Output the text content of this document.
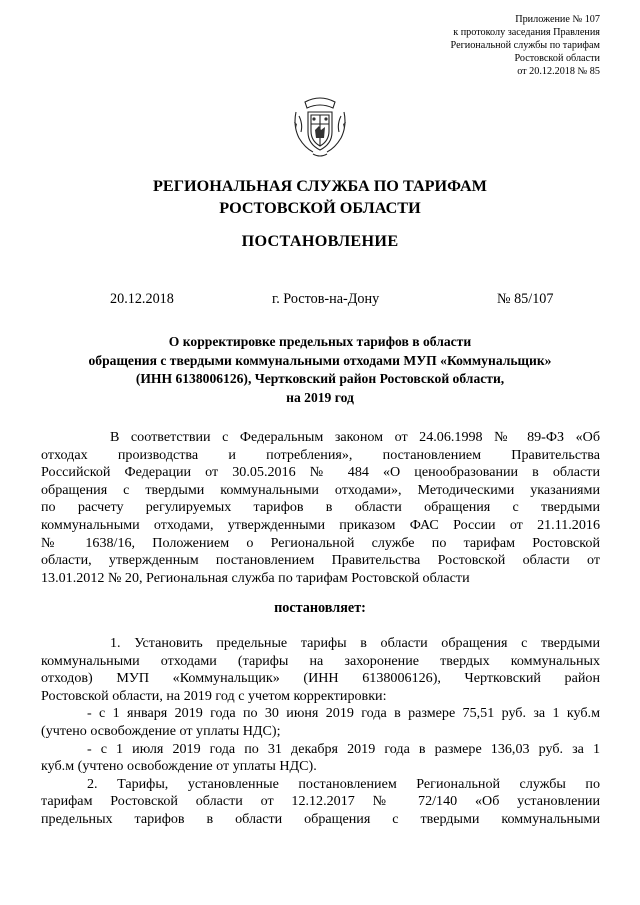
Приложение № 107
к протоколу заседания Правления
Региональной службы по тарифам
Ростовской области
от 20.12.2018 № 85
РЕГИОНАЛЬНАЯ СЛУЖБА ПО ТАРИФАМ
РОСТОВСКОЙ ОБЛАСТИ
ПОСТАНОВЛЕНИЕ
20.12.2018	г. Ростов-на-Дону	№ 85/107
О корректировке предельных тарифов в области
обращения с твердыми коммунальными отходами МУП «Коммунальщик»
(ИНН 6138006126), Чертковский район Ростовской области,
на 2019 год
В соответствии с Федеральным законом от 24.06.1998 № 89-ФЗ «Об
отходах производства и потребления», постановлением Правительства
Российской Федерации от 30.05.2016 № 484 «О ценообразовании в области
обращения с твердыми коммунальными отходами», Методическими указаниями
по расчету регулируемых тарифов в области обращения с твердыми
коммунальными отходами, утвержденными приказом ФАС России от 21.11.2016
№ 1638/16, Положением о Региональной службе по тарифам Ростовской
области, утвержденным постановлением Правительства Ростовской области от
13.01.2012 № 20, Региональная служба по тарифам Ростовской области
постановляет:
1. Установить предельные тарифы в области обращения с твердыми
коммунальными отходами (тарифы на захоронение твердых коммунальных
отходов) МУП «Коммунальщик» (ИНН 6138006126), Чертковский район
Ростовской области, на 2019 год с учетом корректировки:
- с 1 января 2019 года по 30 июня 2019 года в размере 75,51 руб. за 1 куб.м
(учтено освобождение от уплаты НДС);
- с 1 июля 2019 года по 31 декабря 2019 года в размере 136,03 руб. за 1
куб.м (учтено освобождение от уплаты НДС).
2. Тарифы, установленные постановлением Региональной службы по
тарифам Ростовской области от 12.12.2017 № 72/140 «Об установлении
предельных тарифов в области обращения с твердыми коммунальными
